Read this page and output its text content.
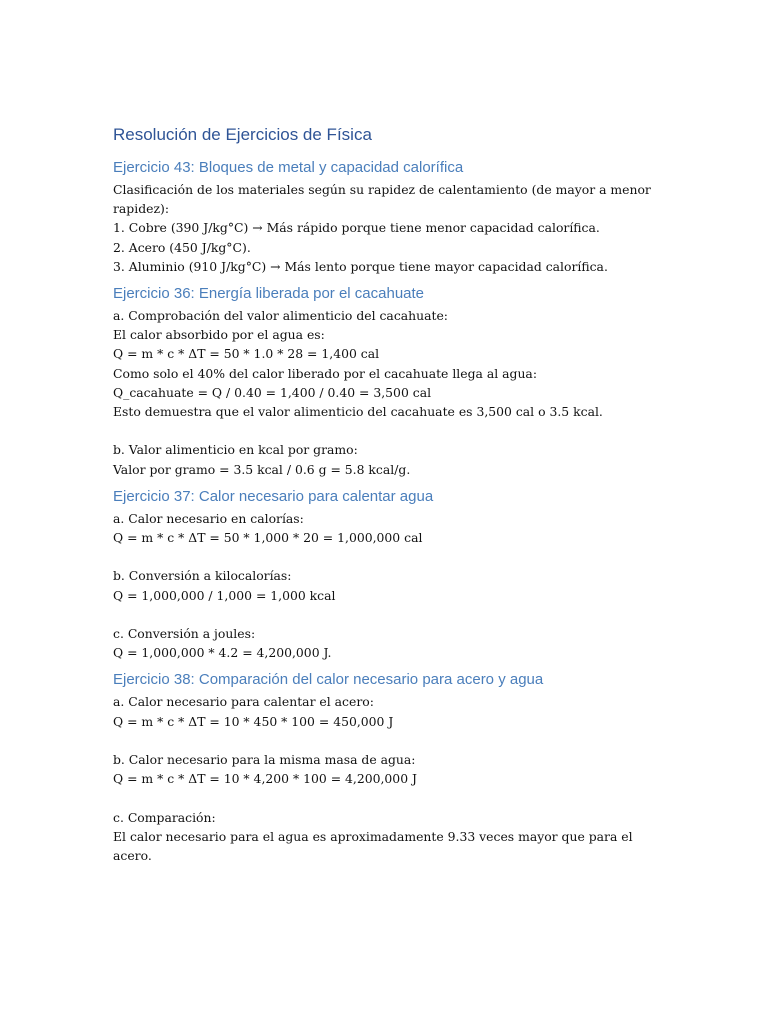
Resolución de Ejercicios de Física
Ejercicio 43: Bloques de metal y capacidad calorífica

Clasificación de los materiales según su rapidez de calentamiento (de mayor a menor

rapidez):

1. Cobre (390 J/kg°C) → Más rápido porque tiene menor capacidad calorífica.

2. Acero (450 J/kg°C).

3. Aluminio (910 J/kg°C) → Más lento porque tiene mayor capacidad calorífica.

Ejercicio 36: Energía liberada por el cacahuate

a. Comprobación del valor alimenticio del cacahuate:

El calor absorbido por el agua es:

Q = m * c * ΔT = 50 * 1.0 * 28 = 1,400 cal

Como solo el 40% del calor liberado por el cacahuate llega al agua:

Q_cacahuate = Q / 0.40 = 1,400 / 0.40 = 3,500 cal

Esto demuestra que el valor alimenticio del cacahuate es 3,500 cal o 3.5 kcal.

b. Valor alimenticio en kcal por gramo:

Valor por gramo = 3.5 kcal / 0.6 g = 5.8 kcal/g.

Ejercicio 37: Calor necesario para calentar agua

a. Calor necesario en calorías:

Q = m * c * ΔT = 50 * 1,000 * 20 = 1,000,000 cal

b. Conversión a kilocalorías:

Q = 1,000,000 / 1,000 = 1,000 kcal

c. Conversión a joules:

Q = 1,000,000 * 4.2 = 4,200,000 J.

Ejercicio 38: Comparación del calor necesario para acero y agua

a. Calor necesario para calentar el acero:

Q = m * c * ΔT = 10 * 450 * 100 = 450,000 J

b. Calor necesario para la misma masa de agua:

Q = m * c * ΔT = 10 * 4,200 * 100 = 4,200,000 J

c. Comparación:

El calor necesario para el agua es aproximadamente 9.33 veces mayor que para el acero.
